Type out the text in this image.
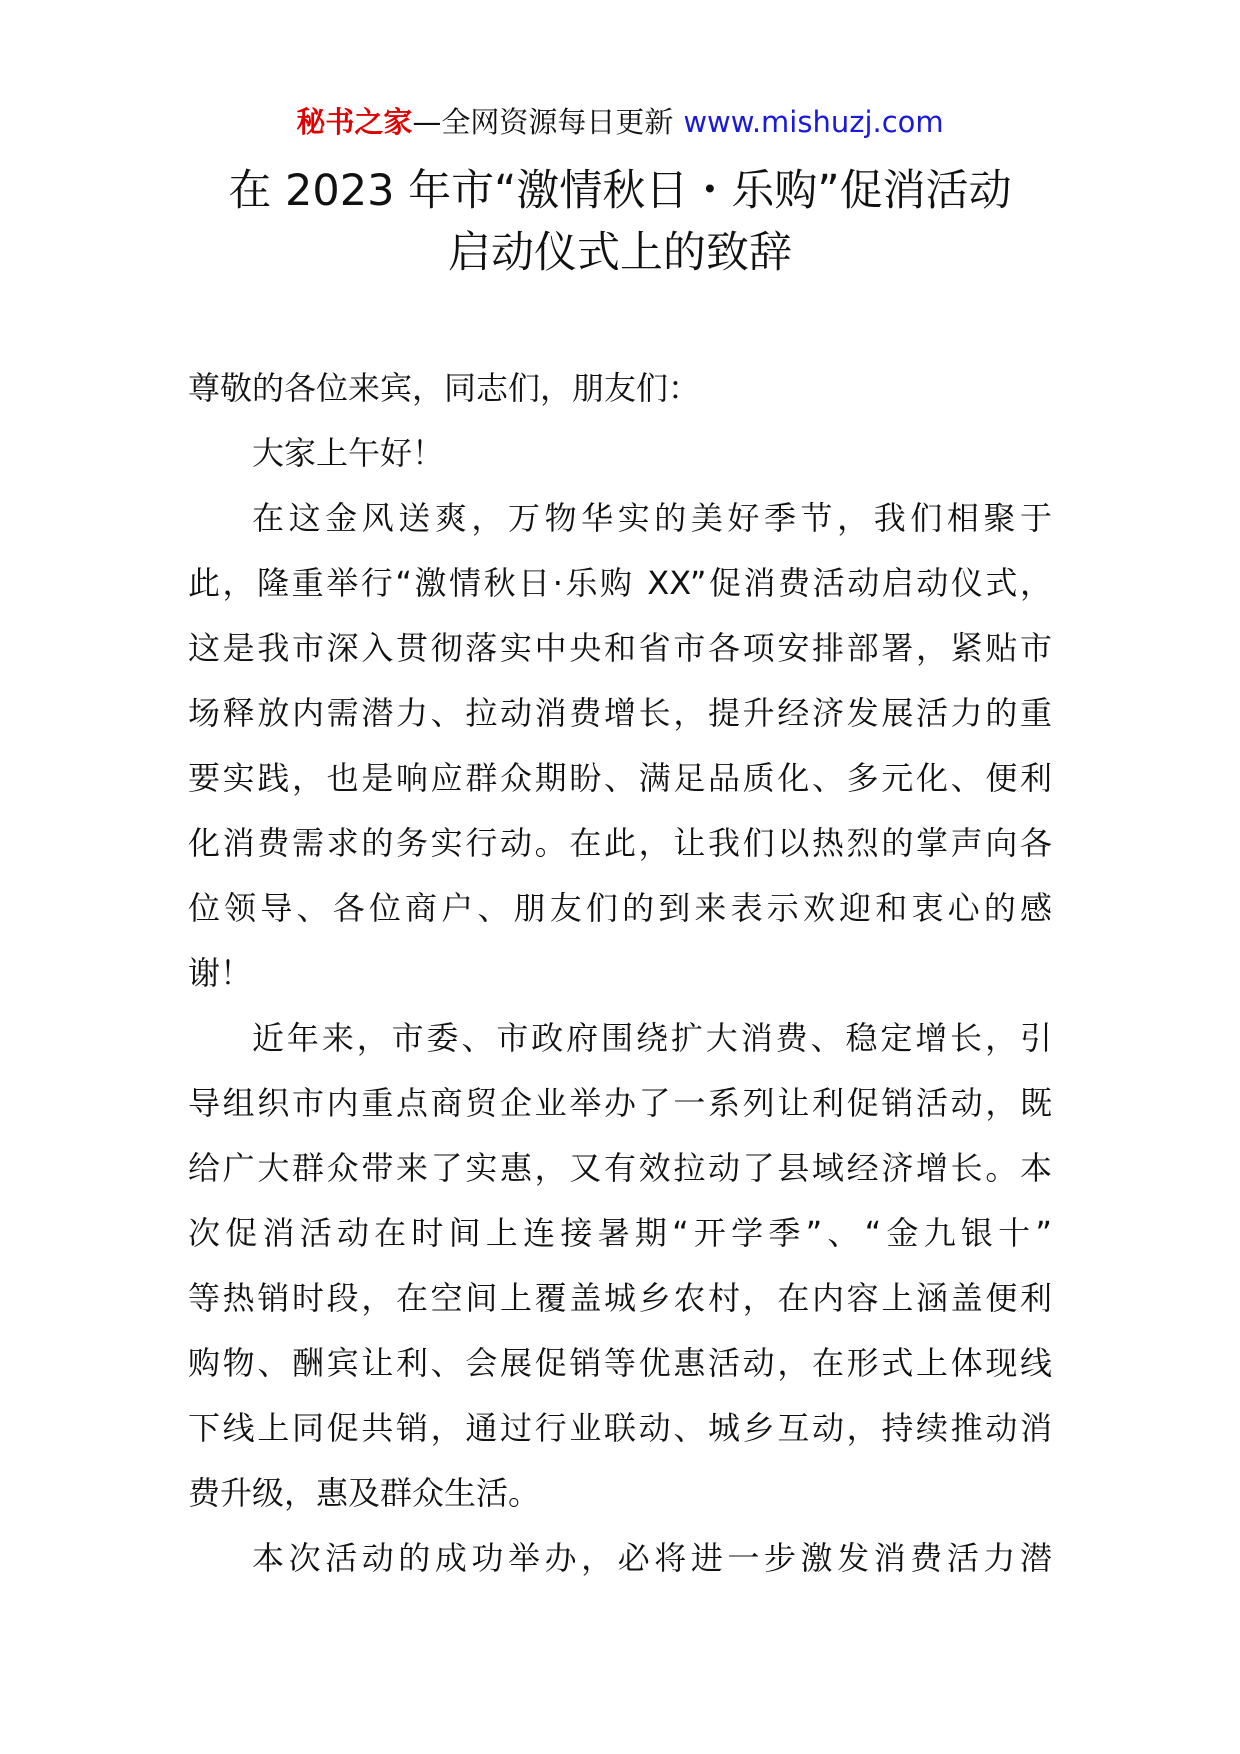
秘书之家—全网资源每日更新 www.mishuzj.com
在 2023 年市“激情秋日・乐购”促消活动
启动仪式上的致辞
尊敬的各位来宾，同志们，朋友们：
大家上午好！
在这金风送爽，万物华实的美好季节，我们相聚于
此，隆重举行“激情秋日·乐购 XX”促消费活动启动仪式，
这是我市深入贯彻落实中央和省市各项安排部署，紧贴市
场释放内需潜力、拉动消费增长，提升经济发展活力的重
要实践，也是响应群众期盼、满足品质化、多元化、便利
化消费需求的务实行动。在此，让我们以热烈的掌声向各
位领导、各位商户、朋友们的到来表示欢迎和衷心的感
谢！
近年来，市委、市政府围绕扩大消费、稳定增长，引
导组织市内重点商贸企业举办了一系列让利促销活动，既
给广大群众带来了实惠，又有效拉动了县域经济增长。本
次促消活动在时间上连接暑期“开学季”、“金九银十”
等热销时段，在空间上覆盖城乡农村，在内容上涵盖便利
购物、酬宾让利、会展促销等优惠活动，在形式上体现线
下线上同促共销，通过行业联动、城乡互动，持续推动消
费升级，惠及群众生活。
本次活动的成功举办，必将进一步激发消费活力潜
